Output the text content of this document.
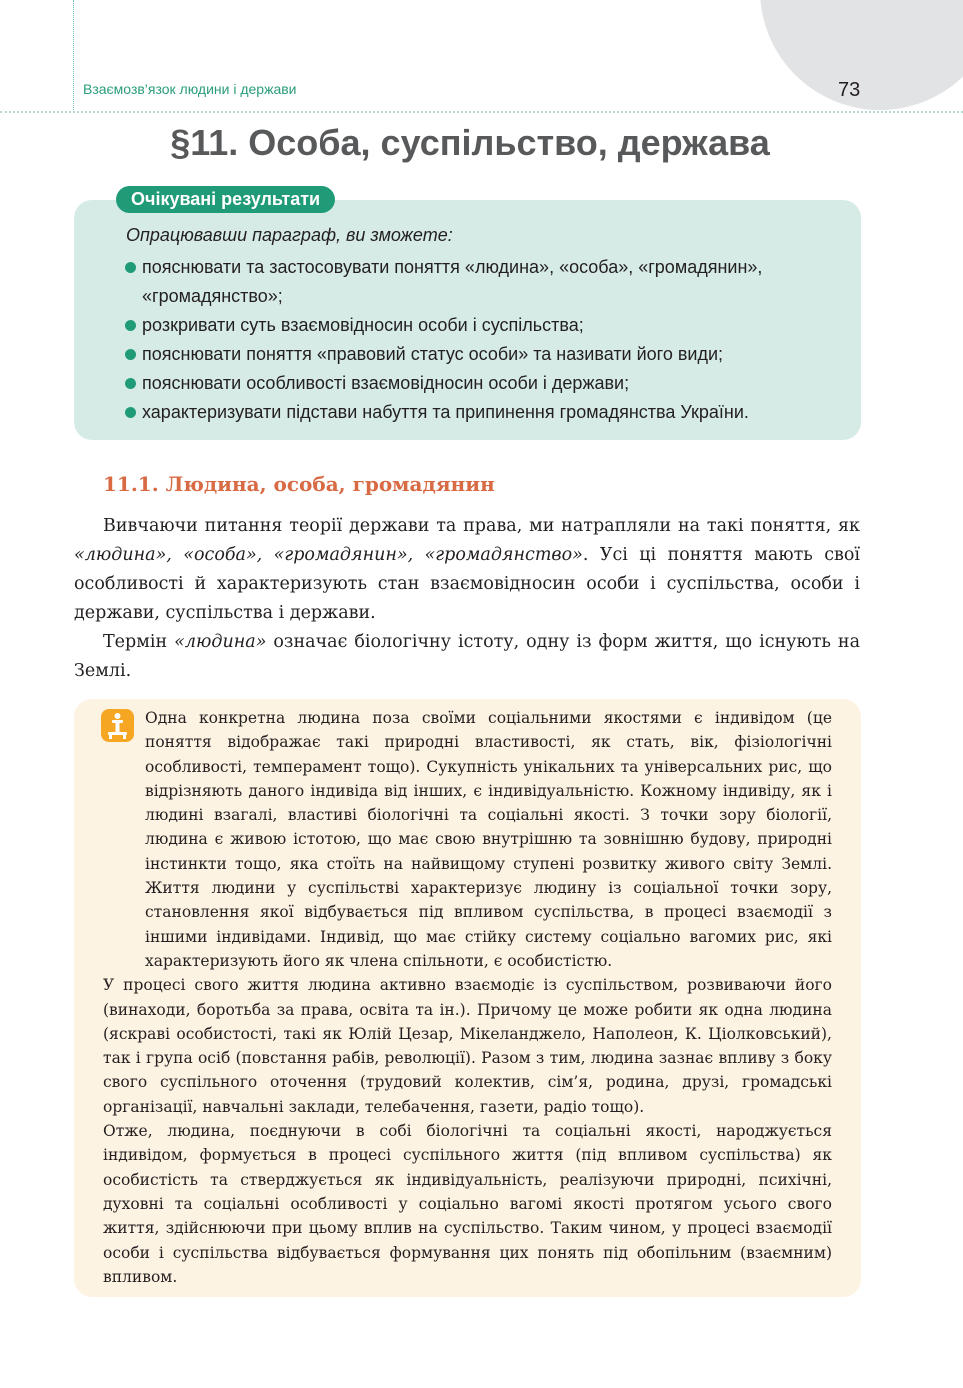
Взаємозв’язок людини і держави	73
§11. Особа, суспільство, держава
Очікувані результати
Опрацювавши параграф, ви зможете:
пояснювати та застосовувати поняття «людина», «особа», «громадянин», «громадянство»;
розкривати суть взаємовідносин особи і суспільства;
пояснювати поняття «правовий статус особи» та називати його види;
пояснювати особливості взаємовідносин особи і держави;
характеризувати підстави набуття та припинення громадянства України.
11.1. Людина, особа, громадянин

Вивчаючи питання теорії держави та права, ми натрапляли на такі поняття, як «людина», «особа», «громадянин», «громадянство». Усі ці поняття мають свої особливості й характеризують стан взаємовідносин особи і суспільства, особи і держави, суспільства і держави.

Термін «людина» означає біологічну істоту, одну із форм життя, що існують на Землі.

Одна конкретна людина поза своїми соціальними якостями є індивідом (це поняття відображає такі природні властивості, як стать, вік, фізіологічні особливості, темперамент тощо). Сукупність унікальних та універсальних рис, що відрізняють даного індивіда від інших, є індивідуальністю. Кожному індивіду, як і людині взагалі, властиві біологічні та соціальні якості. З точки зору біології, людина є живою істотою, що має свою внутрішню та зовнішню будову, природні інстинкти тощо, яка стоїть на найвищому ступені розвитку живого світу Землі. Життя людини у суспільстві характеризує людину із соціальної точки зору, становлення якої відбувається під впливом суспільства, в процесі взаємодії з іншими індивідами. Індивід, що має стійку систему соціально вагомих рис, які характеризують його як члена спільноти, є особистістю.

У процесі свого життя людина активно взаємодіє із суспільством, розвиваючи його (винаходи, боротьба за права, освіта та ін.). Причому це може робити як одна людина (яскраві особистості, такі як Юлій Цезар, Мікеланджело, Наполеон, К. Ціолковський), так і група осіб (повстання рабів, революції). Разом з тим, людина зазнає впливу з боку свого суспільного оточення (трудовий колектив, сім’я, родина, друзі, громадські організації, навчальні заклади, телебачення, газети, радіо тощо).

Отже, людина, поєднуючи в собі біологічні та соціальні якості, народжується індивідом, формується в процесі суспільного життя (під впливом суспільства) як особистість та стверджується як індивідуальність, реалізуючи природні, психічні, духовні та соціальні особливості у соціально вагомі якості протягом усього свого життя, здійснюючи при цьому вплив на суспільство. Таким чином, у процесі взаємодії особи і суспільства відбувається формування цих понять під обопільним (взаємним) впливом.
